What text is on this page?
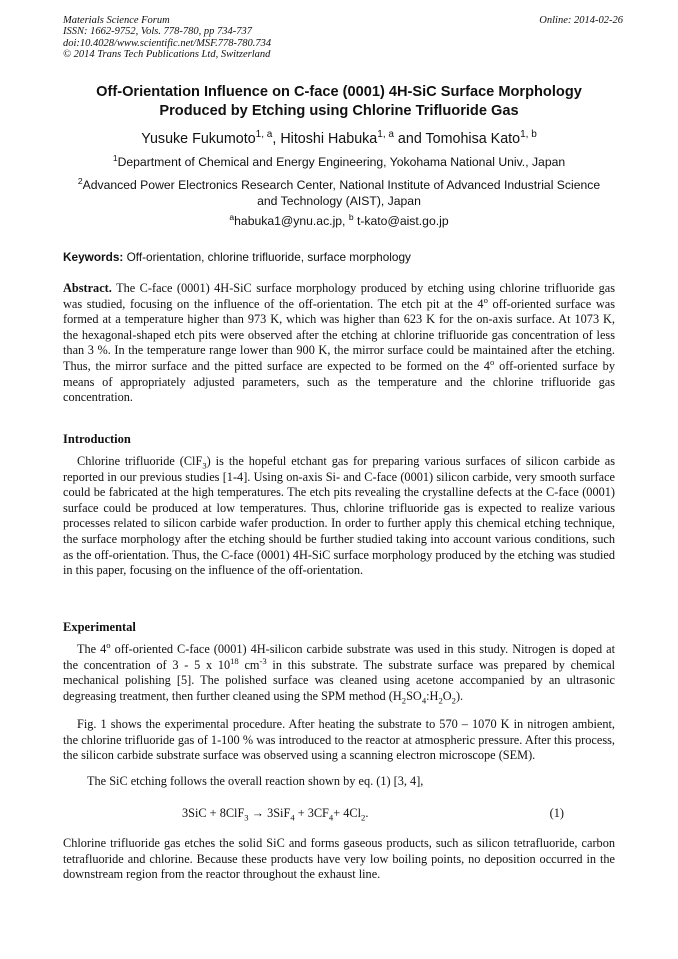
Materials Science Forum
ISSN: 1662-9752, Vols. 778-780, pp 734-737
doi:10.4028/www.scientific.net/MSF.778-780.734
© 2014 Trans Tech Publications Ltd, Switzerland
Online: 2014-02-26
Off-Orientation Influence on C-face (0001) 4H-SiC Surface Morphology
Produced by Etching using Chlorine Trifluoride Gas
Yusuke Fukumoto$^{1, a}$, Hitoshi Habuka$^{1, a}$ and Tomohisa Kato$^{1, b}$
$^1$Department of Chemical and Energy Engineering, Yokohama National Univ., Japan
$^2$Advanced Power Electronics Research Center, National Institute of Advanced Industrial Science
and Technology (AIST), Japan
$^a$habuka1@ynu.ac.jp, $^b$ t-kato@aist.go.jp
Keywords: Off-orientation, chlorine trifluoride, surface morphology

Abstract. The C-face (0001) 4H-SiC surface morphology produced by etching using chlorine trifluoride gas was studied, focusing on the influence of the off-orientation. The etch pit at the 4$^o$ off-oriented surface was formed at a temperature higher than 973 K, which was higher than 623 K for the on-axis surface. At 1073 K, the hexagonal-shaped etch pits were observed after the etching at chlorine trifluoride gas concentration of less than 3 %. In the temperature range lower than 900 K, the mirror surface could be maintained after the etching. Thus, the mirror surface and the pitted surface are expected to be formed on the 4$^o$ off-oriented surface by means of appropriately adjusted parameters, such as the temperature and the chlorine trifluoride gas concentration.

Introduction

Chlorine trifluoride (ClF$_3$) is the hopeful etchant gas for preparing various surfaces of silicon carbide as reported in our previous studies [1-4]. Using on-axis Si- and C-face (0001) silicon carbide, very smooth surface could be fabricated at the high temperatures. The etch pits revealing the crystalline defects at the C-face (0001) surface could be produced at low temperatures. Thus, chlorine trifluoride gas is expected to realize various processes related to silicon carbide wafer production. In order to further apply this chemical etching technique, the surface morphology after the etching should be further studied taking into account various conditions, such as the off-orientation. Thus, the C-face (0001) 4H-SiC surface morphology produced by the etching was studied in this paper, focusing on the influence of the off-orientation.

Experimental

The 4$^o$ off-oriented C-face (0001) 4H-silicon carbide substrate was used in this study. Nitrogen is doped at the concentration of 3 - 5 x $10^{18}$ $cm^{-3}$ in this substrate. The substrate surface was prepared by chemical mechanical polishing [5]. The polished surface was cleaned using acetone accompanied by an ultrasonic degreasing treatment, then further cleaned using the SPM method $(H_2SO_4:H_2O_2)$.

Fig. 1 shows the experimental procedure. After heating the substrate to 570 – 1070 K in nitrogen ambient, the chlorine trifluoride gas of 1-100 % was introduced to the reactor at atmospheric pressure. After this process, the silicon carbide substrate surface was observed using a scanning electron microscope (SEM).

The SiC etching follows the overall reaction shown by eq. (1) [3, 4],

$3SiC + 8ClF_3 \to 3SiF_4 + 3CF_4+ 4Cl_2$.	(1)

Chlorine trifluoride gas etches the solid SiC and forms gaseous products, such as silicon tetrafluoride, carbon tetrafluoride and chlorine. Because these products have very low boiling points, no deposition occurred in the downstream region from the reactor throughout the exhaust line.
